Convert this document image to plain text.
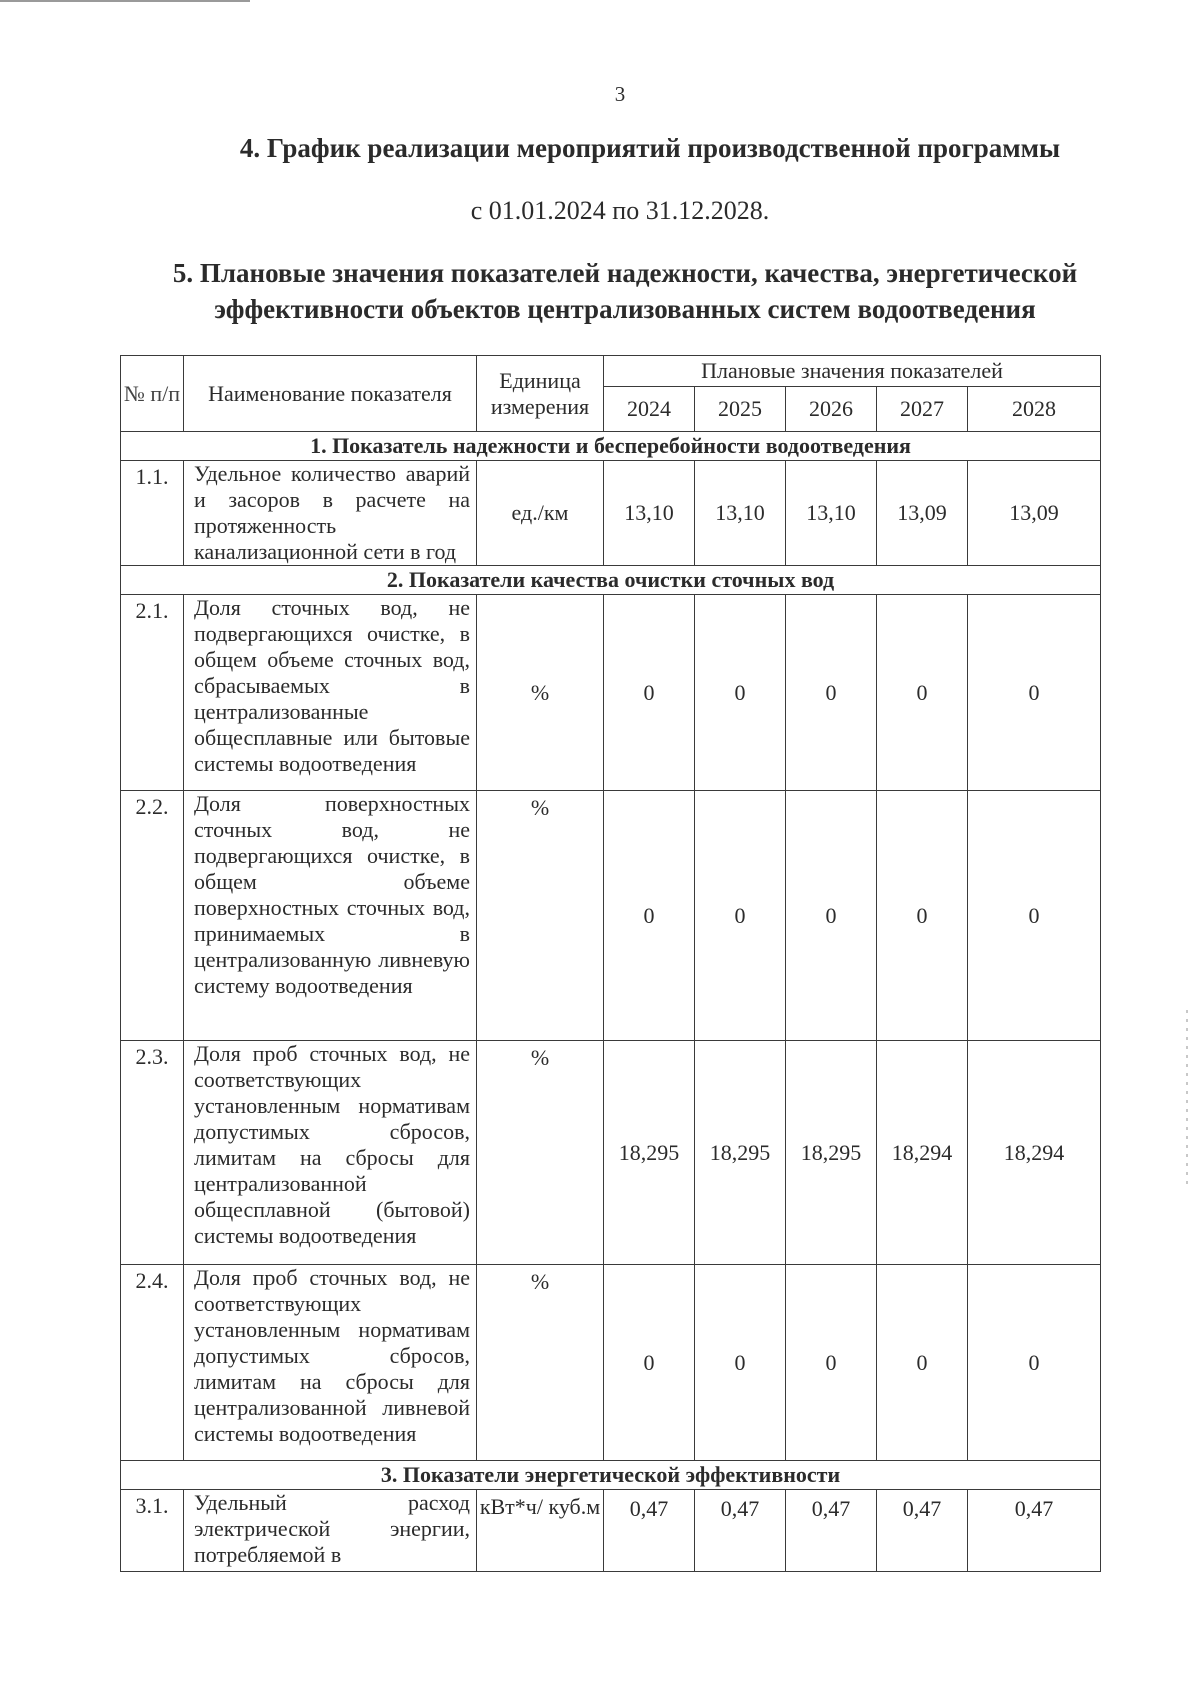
3
4. График реализации мероприятий производственной программы
с 01.01.2024 по 31.12.2028.
5. Плановые значения показателей надежности, качества, энергетической
эффективности объектов централизованных систем водоотведения
№ п/п	Наименование показателя	Единица измерения	Плановые значения показателей				
			2024	2025	2026	2027	2028
1. Показатель надежности и бесперебойности водоотведения							
1.1.	Удельное количество аварий и засоров в расчете на протяженность канализационной сети в год	ед./км	13,10	13,10	13,10	13,09	13,09
2. Показатели качества очистки сточных вод							
2.1.	Доля сточных вод, не подвергающихся очистке, в общем объеме сточных вод, сбрасываемых в централизованные общесплавные или бытовые системы водоотведения	%	0	0	0	0	0
2.2.	Доля поверхностных сточных вод, не подвергающихся очистке, в общем объеме поверхностных сточных вод, принимаемых в централизованную ливневую систему водоотведения	%	0	0	0	0	0
2.3.	Доля проб сточных вод, не соответствующих установленным нормативам допустимых сбросов, лимитам на сбросы для централизованной общесплавной (бытовой) системы водоотведения	%	18,295	18,295	18,295	18,294	18,294
2.4.	Доля проб сточных вод, не соответствующих установленным нормативам допустимых сбросов, лимитам на сбросы для централизованной ливневой системы водоотведения	%	0	0	0	0	0
3. Показатели энергетической эффективности							
3.1.	Удельный расход электрической энергии, потребляемой в	кВт*ч/ куб.м	0,47	0,47	0,47	0,47	0,47
